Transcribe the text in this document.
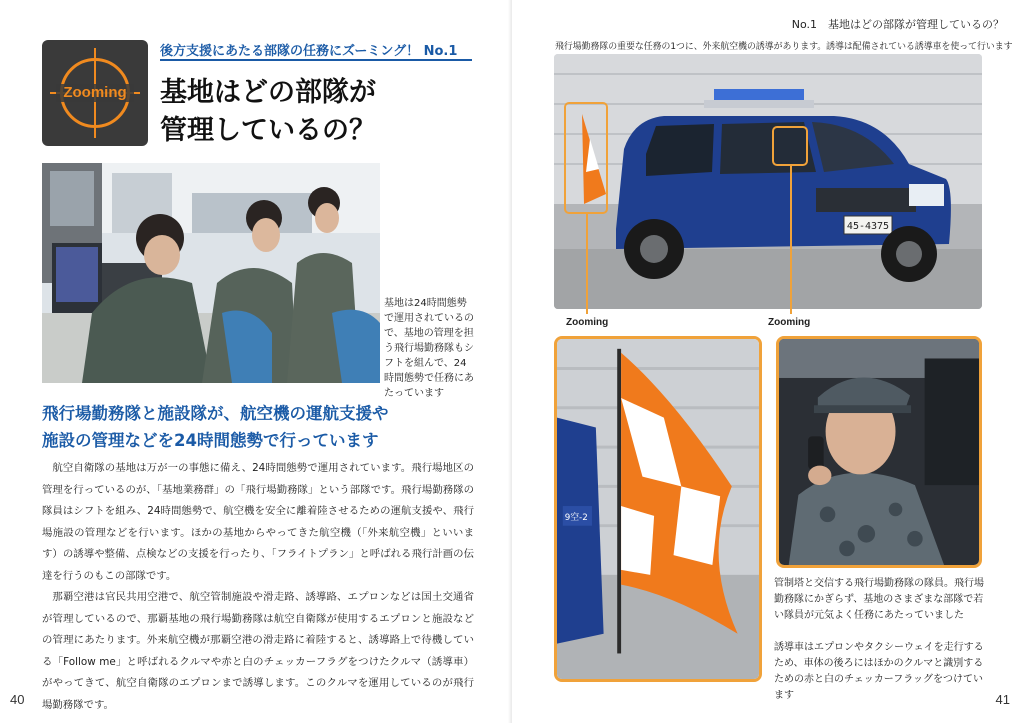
Zooming
後方支援にあたる部隊の任務にズーミング！ No.1
基地はどの部隊が
管理しているの？
基地は24時間態勢で運用されているので、基地の管理を担う飛行場勤務隊もシフトを組んで、24時間態勢で任務にあたっています
飛行場勤務隊と施設隊が、航空機の運航支援や
施設の管理などを24時間態勢で行っています

航空自衛隊の基地は万が一の事態に備え、24時間態勢で運用されています。飛行場地区の管理を行っているのが、「基地業務群」の「飛行場勤務隊」という部隊です。飛行場勤務隊の隊員はシフトを組み、24時間態勢で、航空機を安全に離着陸させるための運航支援や、飛行場施設の管理などを行います。ほかの基地からやってきた航空機（「外来航空機」といいます）の誘導や整備、点検などの支援を行ったり、「フライトプラン」と呼ばれる飛行計画の伝達を行うのもこの部隊です。

那覇空港は官民共用空港で、航空管制施設や滑走路、誘導路、エプロンなどは国土交通省が管理しているので、那覇基地の飛行場勤務隊は航空自衛隊が使用するエプロンと施設などの管理にあたります。外来航空機が那覇空港の滑走路に着陸すると、誘導路上で待機している「Follow me」と呼ばれるクルマや赤と白のチェッカーフラグをつけたクルマ（誘導車）がやってきて、航空自衛隊のエプロンまで誘導します。このクルマを運用しているのが飛行場勤務隊です。

40
No.1　基地はどの部隊が管理しているの？
飛行場勤務隊の重要な任務の1つに、外来航空機の誘導があります。誘導は配備されている誘導車を使って行います
45-4375
Zooming	Zooming
9空-2
管制塔と交信する飛行場勤務隊の隊員。飛行場勤務隊にかぎらず、基地のさまざまな部隊で若い隊員が元気よく任務にあたっていました
誘導車はエプロンやタクシーウェイを走行するため、車体の後ろにはほかのクルマと識別するための赤と白のチェッカーフラッグをつけています	41
